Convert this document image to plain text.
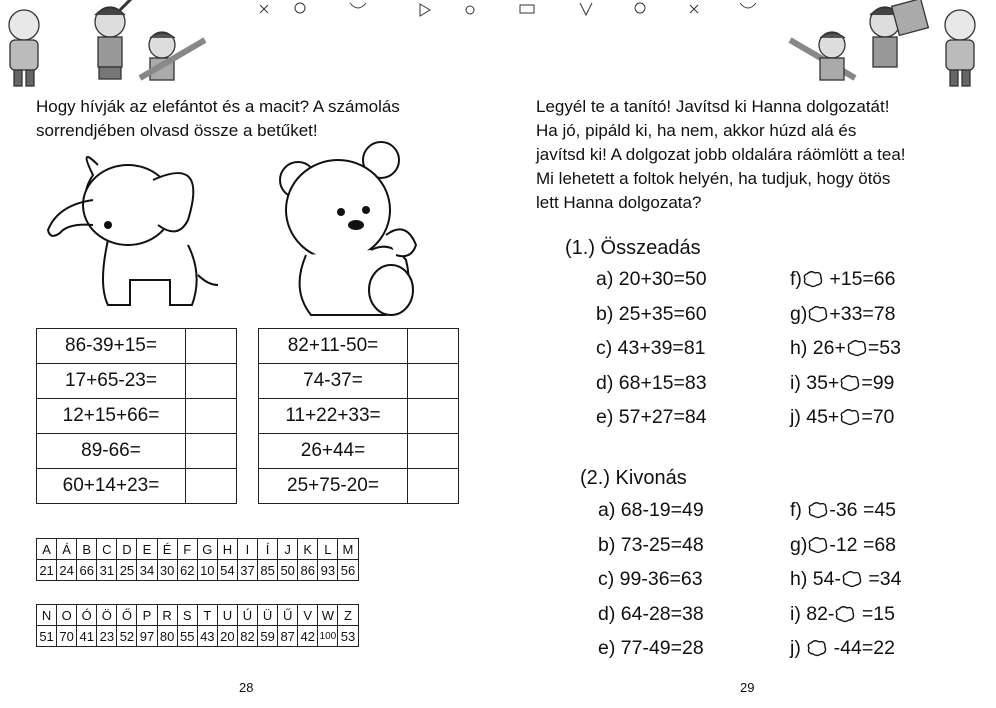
Hogy hívják az elefántot és a macit? A számolás
sorrendjében olvasd össze a betűket!
86-39+15=	
17+65-23=	
12+15+66=	
89-66=	
60+14+23=	
82+11-50=	
74-37=	
11+22+33=	
26+44=	
25+75-20=	
A	Á	B	C	D	E	É	F	G	H	I	Í	J	K	L	M
21	24	66	31	25	34	30	62	10	54	37	85	50	86	93	56
N	O	Ó	Ö	Ő	P	R	S	T	U	Ú	Ü	Ű	V	W	Z
51	70	41	23	52	97	80	55	43	20	82	59	87	42	100	53
28
Legyél te a tanító! Javítsd ki Hanna dolgozatát!
Ha jó, pipáld ki, ha nem, akkor húzd alá és
javítsd ki! A dolgozat jobb oldalára ráömlött a tea!
Mi lehetett a foltok helyén, ha tudjuk, hogy ötös
lett Hanna dolgozata?
(1.) Összeadás
a) 20+30=50
b) 25+35=60
c) 43+39=81
d) 68+15=83
e) 57+27=84
f) +15=66
g) +33=78
h) 26+ =53
i) 35+ =99
j) 45+ =70
(2.) Kivonás
a) 68-19=49
b) 73-25=48
c) 99-36=63
d) 64-28=38
e) 77-49=28
f) -36 =45
g) -12 =68
h) 54- =34
i) 82- =15
j)  -44=22
29
